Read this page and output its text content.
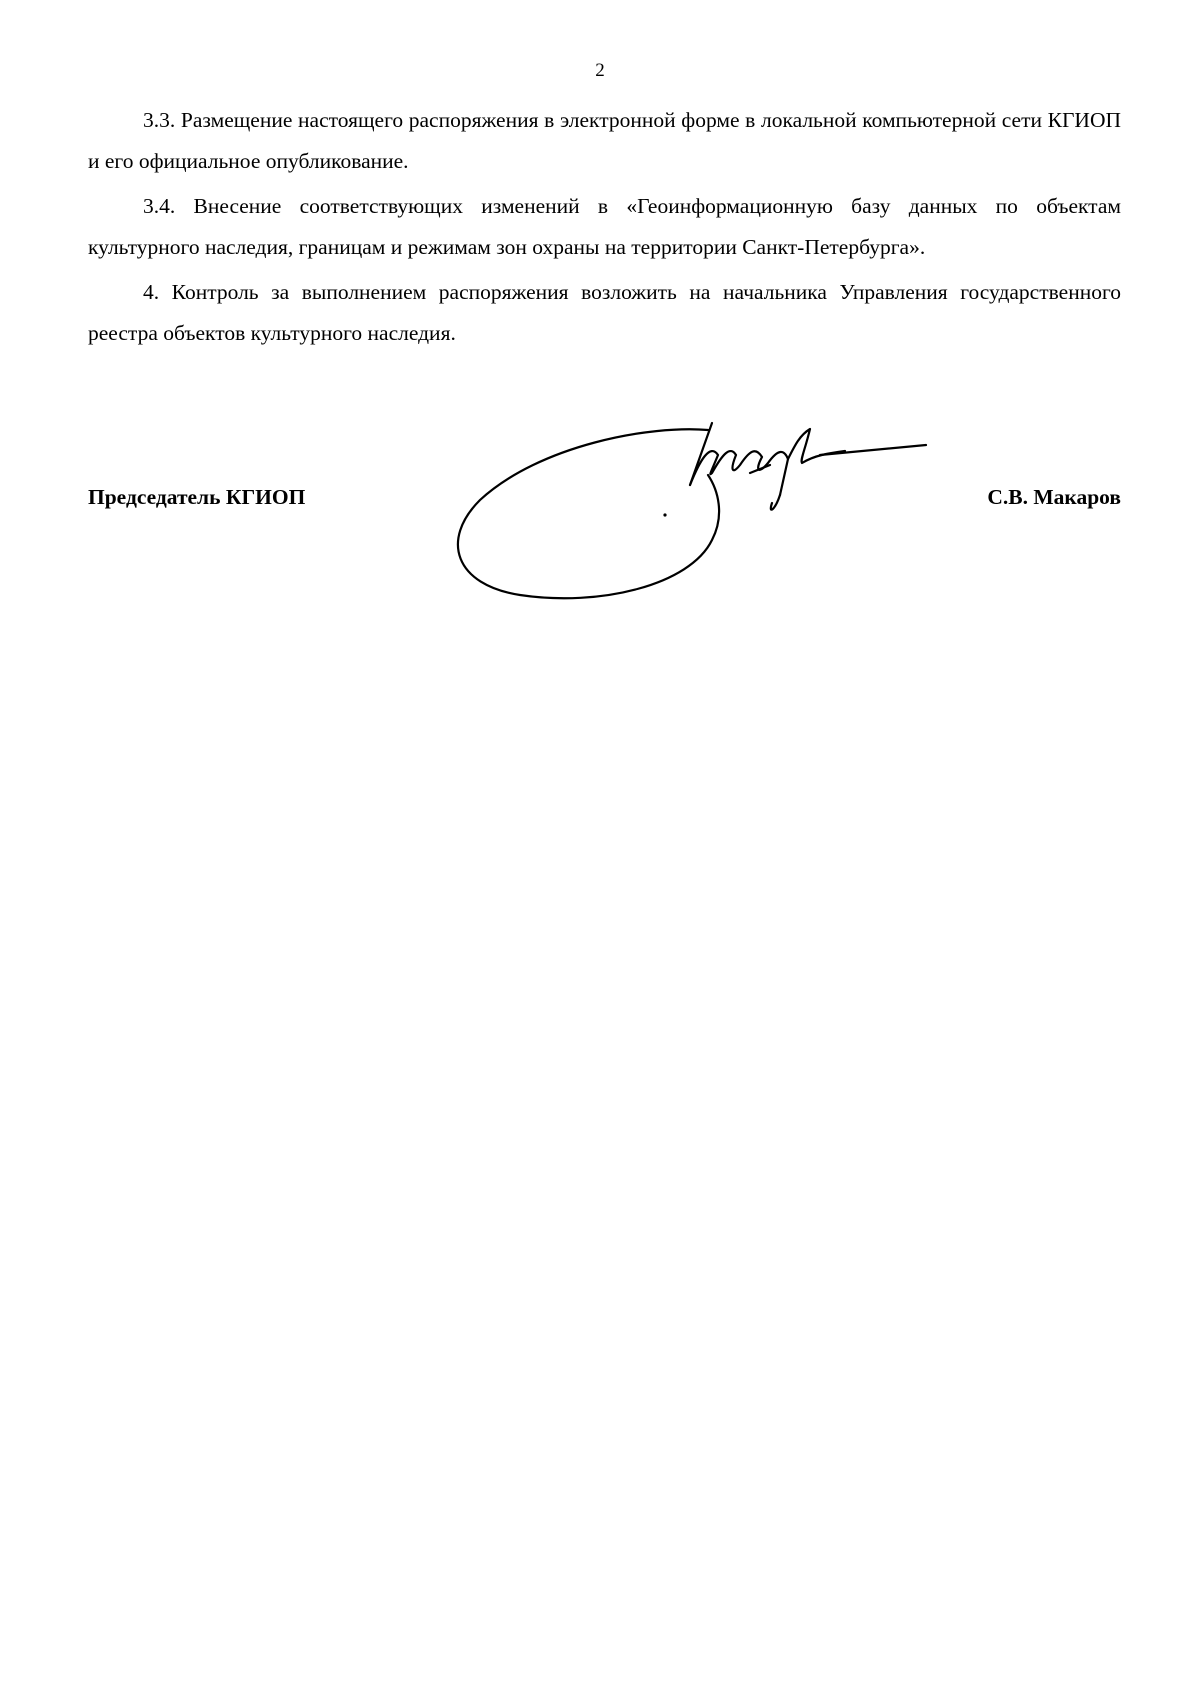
2

3.3. Размещение настоящего распоряжения в электронной форме в локальной компьютерной сети КГИОП и его официальное опубликование.

3.4. Внесение соответствующих изменений в «Геоинформационную базу данных по объектам культурного наследия, границам и режимам зон охраны на территории Санкт-Петербурга».

4. Контроль за выполнением распоряжения возложить на начальника Управления государственного реестра объектов культурного наследия.

Председатель КГИОП	С.В. Макаров
